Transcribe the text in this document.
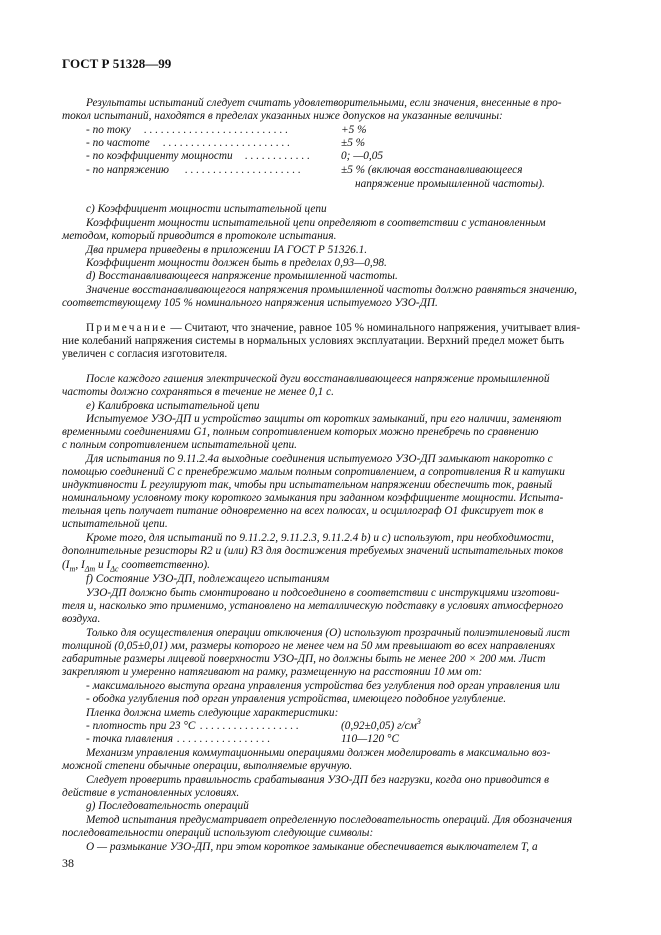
ГОСТ Р 51328—99
Результаты испытаний следует считать удовлетворительными, если значения, внесенные в про-
токол испытаний, находятся в пределах указанных ниже допусков на указанные величины:
- по току . . . . . . . . . . . . . . . . . . . . . . . . . .	+5 %
- по частоте . . . . . . . . . . . . . . . . . . . . . . .	±5 %
- по коэффициенту мощности . . . . . . . . . . . .	0; —0,05
- по напряжению . . . . . . . . . . . . . . . . . . . . .	±5 % (включая восстанавливающееся
напряжение промышленной частоты).
c) Коэффициент мощности испытательной цепи
Коэффициент мощности испытательной цепи определяют в соответствии с установленным
методом, который приводится в протоколе испытания.
Два примера приведены в приложении IA ГОСТ Р 51326.1.
Коэффициент мощности должен быть в пределах 0,93—0,98.
d) Восстанавливающееся напряжение промышленной частоты.
Значение восстанавливающегося напряжения промышленной частоты должно равняться значению,
соответствующему 105 % номинального напряжения испытуемого УЗО-ДП.
Примечание — Считают, что значение, равное 105 % номинального напряжения, учитывает влия-
ние колебаний напряжения системы в нормальных условиях эксплуатации. Верхний предел может быть
увеличен с согласия изготовителя.
После каждого гашения электрической дуги восстанавливающееся напряжение промышленной
частоты должно сохраняться в течение не менее 0,1 с.
e) Калибровка испытательной цепи
Испытуемое УЗО-ДП и устройство защиты от коротких замыканий, при его наличии, заменяют
временными соединениями G1, полным сопротивлением которых можно пренебречь по сравнению
с полным сопротивлением испытательной цепи.
Для испытания по 9.11.2.4а выходные соединения испытуемого УЗО-ДП замыкают накоротко с
помощью соединений C с пренебрежимо малым полным сопротивлением, а сопротивления R и катушки
индуктивности L регулируют так, чтобы при испытательном напряжении обеспечить ток, равный
номинальному условному току короткого замыкания при заданном коэффициенте мощности. Испыта-
тельная цепь получает питание одновременно на всех полюсах, и осциллограф O1 фиксирует ток в
испытательной цепи.
Кроме того, для испытаний по 9.11.2.2, 9.11.2.3, 9.11.2.4 b) и c) используют, при необходимости,
дополнительные резисторы R2 и (или) R3 для достижения требуемых значений испытательных токов
($I_m$, $I_{\Delta m}$ и $I_{\Delta c}$ соответственно).
f) Состояние УЗО-ДП, подлежащего испытаниям
УЗО-ДП должно быть смонтировано и подсоединено в соответствии с инструкциями изготови-
теля и, насколько это применимо, установлено на металлическую подставку в условиях атмосферного
воздуха.
Только для осуществления операции отключения (O) используют прозрачный полиэтиленовый лист
толщиной (0,05±0,01) мм, размеры которого не менее чем на 50 мм превышают во всех направлениях
габаритные размеры лицевой поверхности УЗО-ДП, но должны быть не менее 200 × 200 мм. Лист
закрепляют и умеренно натягивают на рамку, размещенную на расстоянии 10 мм от:
- максимального выступа органа управления устройства без углубления под орган управления или
- ободка углубления под орган управления устройства, имеющего подобное углубление.
Пленка должна иметь следующие характеристики:
- плотность при 23 °C . . . . . . . . . . . . . . . . . .	(0,92±0,05) $г/см^3$
- точка плавления . . . . . . . . . . . . . . . . .	110—120 °C
Механизм управления коммутационными операциями должен моделировать в максимально воз-
можной степени обычные операции, выполняемые вручную.
Следует проверить правильность срабатывания УЗО-ДП без нагрузки, когда оно приводится в
действие в установленных условиях.
g) Последовательность операций
Метод испытания предусматривает определенную последовательность операций. Для обозначения
последовательности операций используют следующие символы:
O — размыкание УЗО-ДП, при этом короткое замыкание обеспечивается выключателем T, а
38
